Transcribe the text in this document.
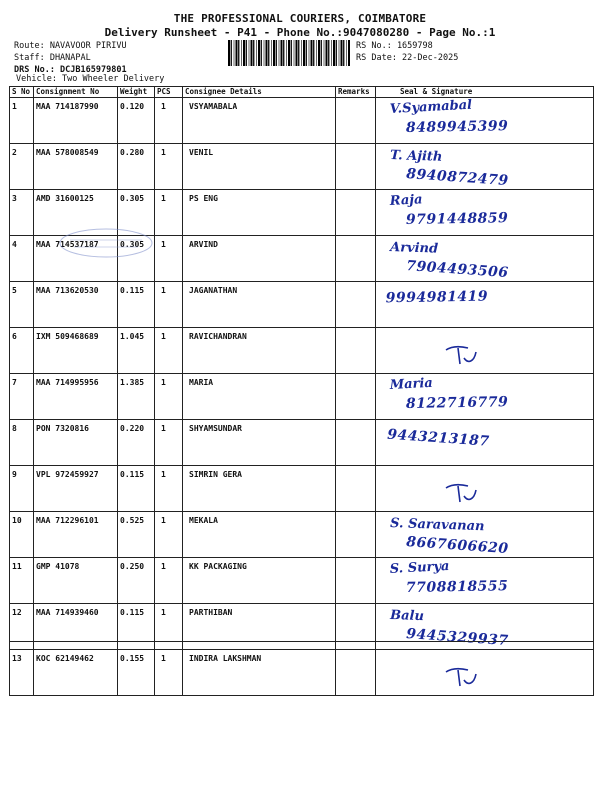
THE PROFESSIONAL COURIERS, COIMBATORE
Delivery Runsheet - P41 - Phone No.:9047080280 - Page No.:1
Route: NAVAVOOR PIRIVU
Staff: DHANAPAL
DRS No.: DCJB165979801
RS No.: 1659798
RS Date: 22-Dec-2025
Vehicle: Two Wheeler Delivery
S No	Consignment No	Weight	PCS	Consignee Details	Remarks	Seal & Signature
1	MAA 714187990	0.120	1	VSYAMABALA		V.Syamabal
8489945399

2	MAA 578008549	0.280	1	VENIL		T. Ajith
8940872479

3	AMD 31600125	0.305	1	PS ENG		Raja
9791448859

4	MAA 714537187	0.305	1	ARVIND		Arvind
7904493506

5	MAA 713620530	0.115	1	JAGANATHAN		9994981419

6	IXM 509468689	1.045	1	RAVICHANDRAN		

7	MAA 714995956	1.385	1	MARIA		Maria
8122716779

8	PON 7320816	0.220	1	SHYAMSUNDAR		9443213187

9	VPL 972459927	0.115	1	SIMRIN GERA		

10	MAA 712296101	0.525	1	MEKALA		S. Saravanan
8667606620

11	GMP 41078	0.250	1	KK PACKAGING		S. Surya
7708818555

12	MAA 714939460	0.115	1	PARTHIBAN		Balu
9445329937

13	KOC 62149462	0.155	1	INDIRA LAKSHMAN		
